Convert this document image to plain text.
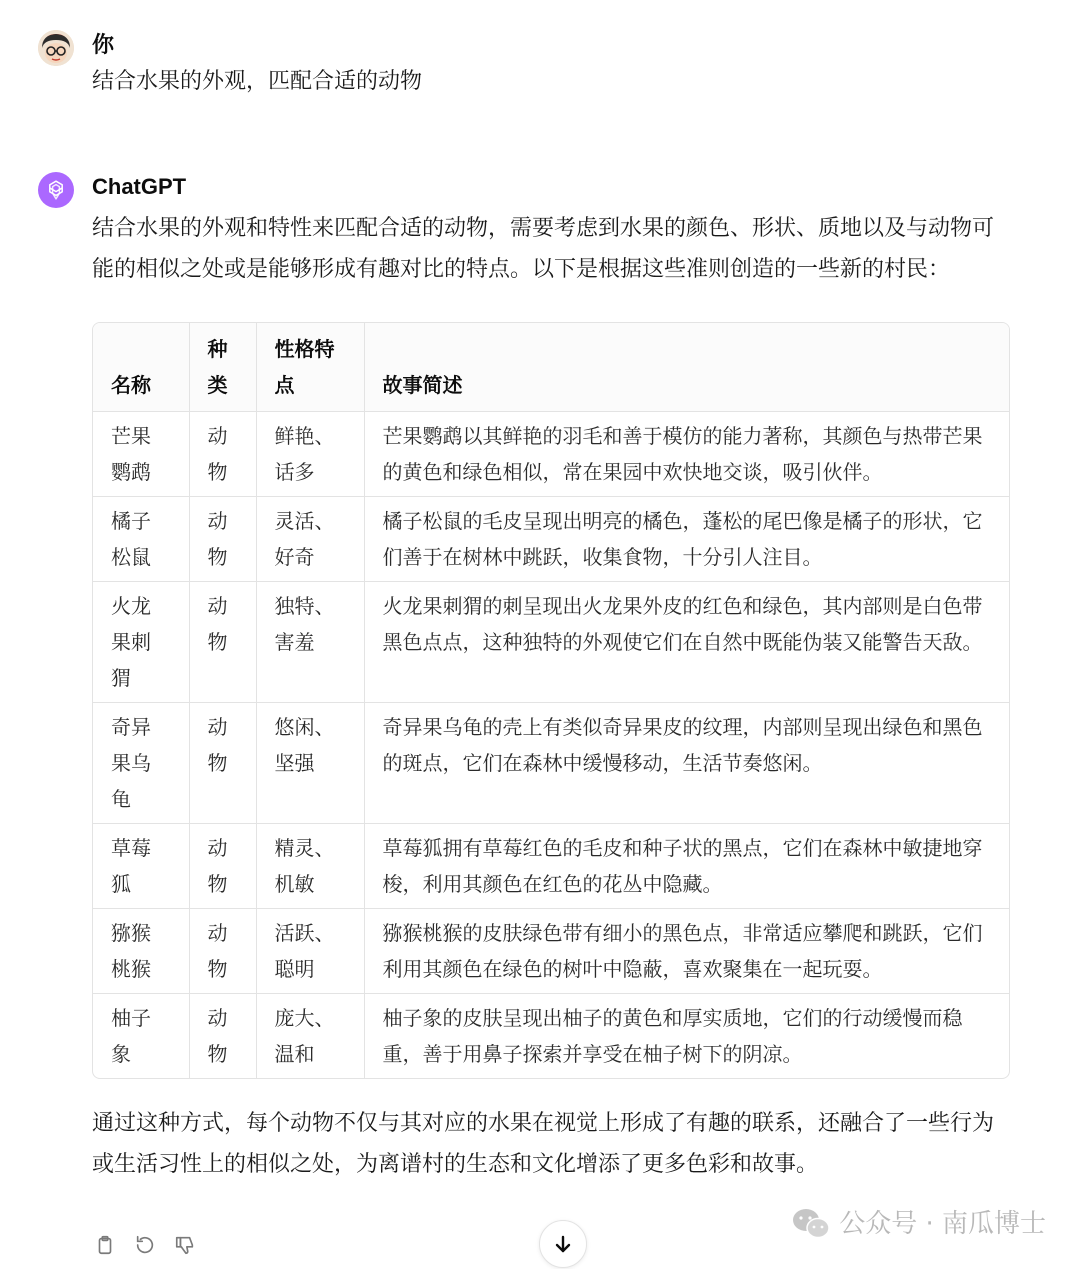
你
结合水果的外观，匹配合适的动物
ChatGPT

结合水果的外观和特性来匹配合适的动物，需要考虑到水果的颜色、形状、质地以及与动物可能的相似之处或是能够形成有趣对比的特点。以下是根据这些准则创造的一些新的村民：

名称	种类	性格特点	故事简述
芒果鹦鹉	动物	鲜艳、话多	芒果鹦鹉以其鲜艳的羽毛和善于模仿的能力著称，其颜色与热带芒果的黄色和绿色相似，常在果园中欢快地交谈，吸引伙伴。
橘子松鼠	动物	灵活、好奇	橘子松鼠的毛皮呈现出明亮的橘色，蓬松的尾巴像是橘子的形状，它们善于在树林中跳跃，收集食物，十分引人注目。
火龙果刺猬	动物	独特、害羞	火龙果刺猬的刺呈现出火龙果外皮的红色和绿色，其内部则是白色带黑色点点，这种独特的外观使它们在自然中既能伪装又能警告天敌。
奇异果乌龟	动物	悠闲、坚强	奇异果乌龟的壳上有类似奇异果皮的纹理，内部则呈现出绿色和黑色的斑点，它们在森林中缓慢移动，生活节奏悠闲。
草莓狐	动物	精灵、机敏	草莓狐拥有草莓红色的毛皮和种子状的黑点，它们在森林中敏捷地穿梭，利用其颜色在红色的花丛中隐藏。
猕猴桃猴	动物	活跃、聪明	猕猴桃猴的皮肤绿色带有细小的黑色点，非常适应攀爬和跳跃，它们利用其颜色在绿色的树叶中隐蔽，喜欢聚集在一起玩耍。
柚子象	动物	庞大、温和	柚子象的皮肤呈现出柚子的黄色和厚实质地，它们的行动缓慢而稳重，善于用鼻子探索并享受在柚子树下的阴凉。

通过这种方式，每个动物不仅与其对应的水果在视觉上形成了有趣的联系，还融合了一些行为或生活习性上的相似之处，为离谱村的生态和文化增添了更多色彩和故事。

公众号 · 南瓜博士
